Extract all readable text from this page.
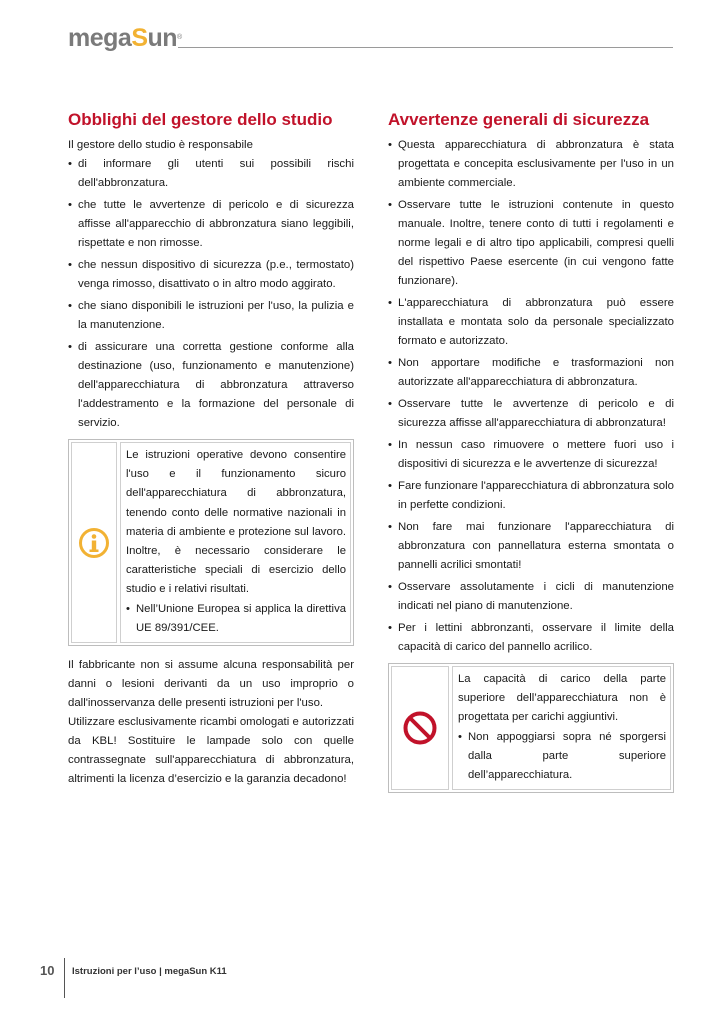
megaSun®
Obblighi del gestore dello studio

Il gestore dello studio è responsabile

• di informare gli utenti sui possibili rischi dell'abbronzatura.
• che tutte le avvertenze di pericolo e di sicurezza affisse all'apparecchio di abbronzatura siano leggibili, rispettate e non rimosse.
• che nessun dispositivo di sicurezza (p.e., termostato) venga rimosso, disattivato o in altro modo aggirato.
• che siano disponibili le istruzioni per l'uso, la pulizia e la manutenzione.
• di assicurare una corretta gestione conforme alla destinazione (uso, funzionamento e manutenzione) dell'apparecchiatura di abbronzatura attraverso l'addestramento e la formazione del personale di servizio.

Le istruzioni operative devono consentire l'uso e il funzionamento sicuro dell'apparecchiatura di abbronzatura, tenendo conto delle normative nazionali in materia di ambiente e protezione sul lavoro. Inoltre, è necessario considerare le caratteristiche speciali di esercizio dello studio e i relativi risultati.

• Nell’Unione Europea si applica la direttiva UE 89/391/CEE.

Il fabbricante non si assume alcuna responsabilità per danni o lesioni derivanti da un uso improprio o dall'inosservanza delle presenti istruzioni per l'uso.

Utilizzare esclusivamente ricambi omologati e autorizzati da KBL! Sostituire le lampade solo con quelle contrassegnate sull'apparecchiatura di abbronzatura, altrimenti la licenza d’esercizio e la garanzia decadono!

Avvertenze generali di sicurezza
• Questa apparecchiatura di abbronzatura è stata progettata e concepita esclusivamente per l'uso in un ambiente commerciale.
• Osservare tutte le istruzioni contenute in questo manuale. Inoltre, tenere conto di tutti i regolamenti e norme legali e di altro tipo applicabili, compresi quelli del rispettivo Paese esercente (in cui vengono fatte funzionare).
• L'apparecchiatura di abbronzatura può essere installata e montata solo da personale specializzato formato e autorizzato.
• Non apportare modifiche e trasformazioni non autorizzate all'apparecchiatura di abbronzatura.
• Osservare tutte le avvertenze di pericolo e di sicurezza affisse all'apparecchiatura di abbronzatura!
• In nessun caso rimuovere o mettere fuori uso i dispositivi di sicurezza e le avvertenze di sicurezza!
• Fare funzionare l'apparecchiatura di abbronzatura solo in perfette condizioni.
• Non fare mai funzionare l'apparecchiatura di abbronzatura con pannellatura esterna smontata o pannelli acrilici smontati!
• Osservare assolutamente i cicli di manutenzione indicati nel piano di manutenzione.
• Per i lettini abbronzanti, osservare il limite della capacità di carico del pannello acrilico.

La capacità di carico della parte superiore dell’apparecchiatura non è progettata per carichi aggiuntivi.

• Non appoggiarsi sopra né sporgersi dalla parte superiore dell’apparecchiatura.
10 Istruzioni per l’uso | megaSun K11
